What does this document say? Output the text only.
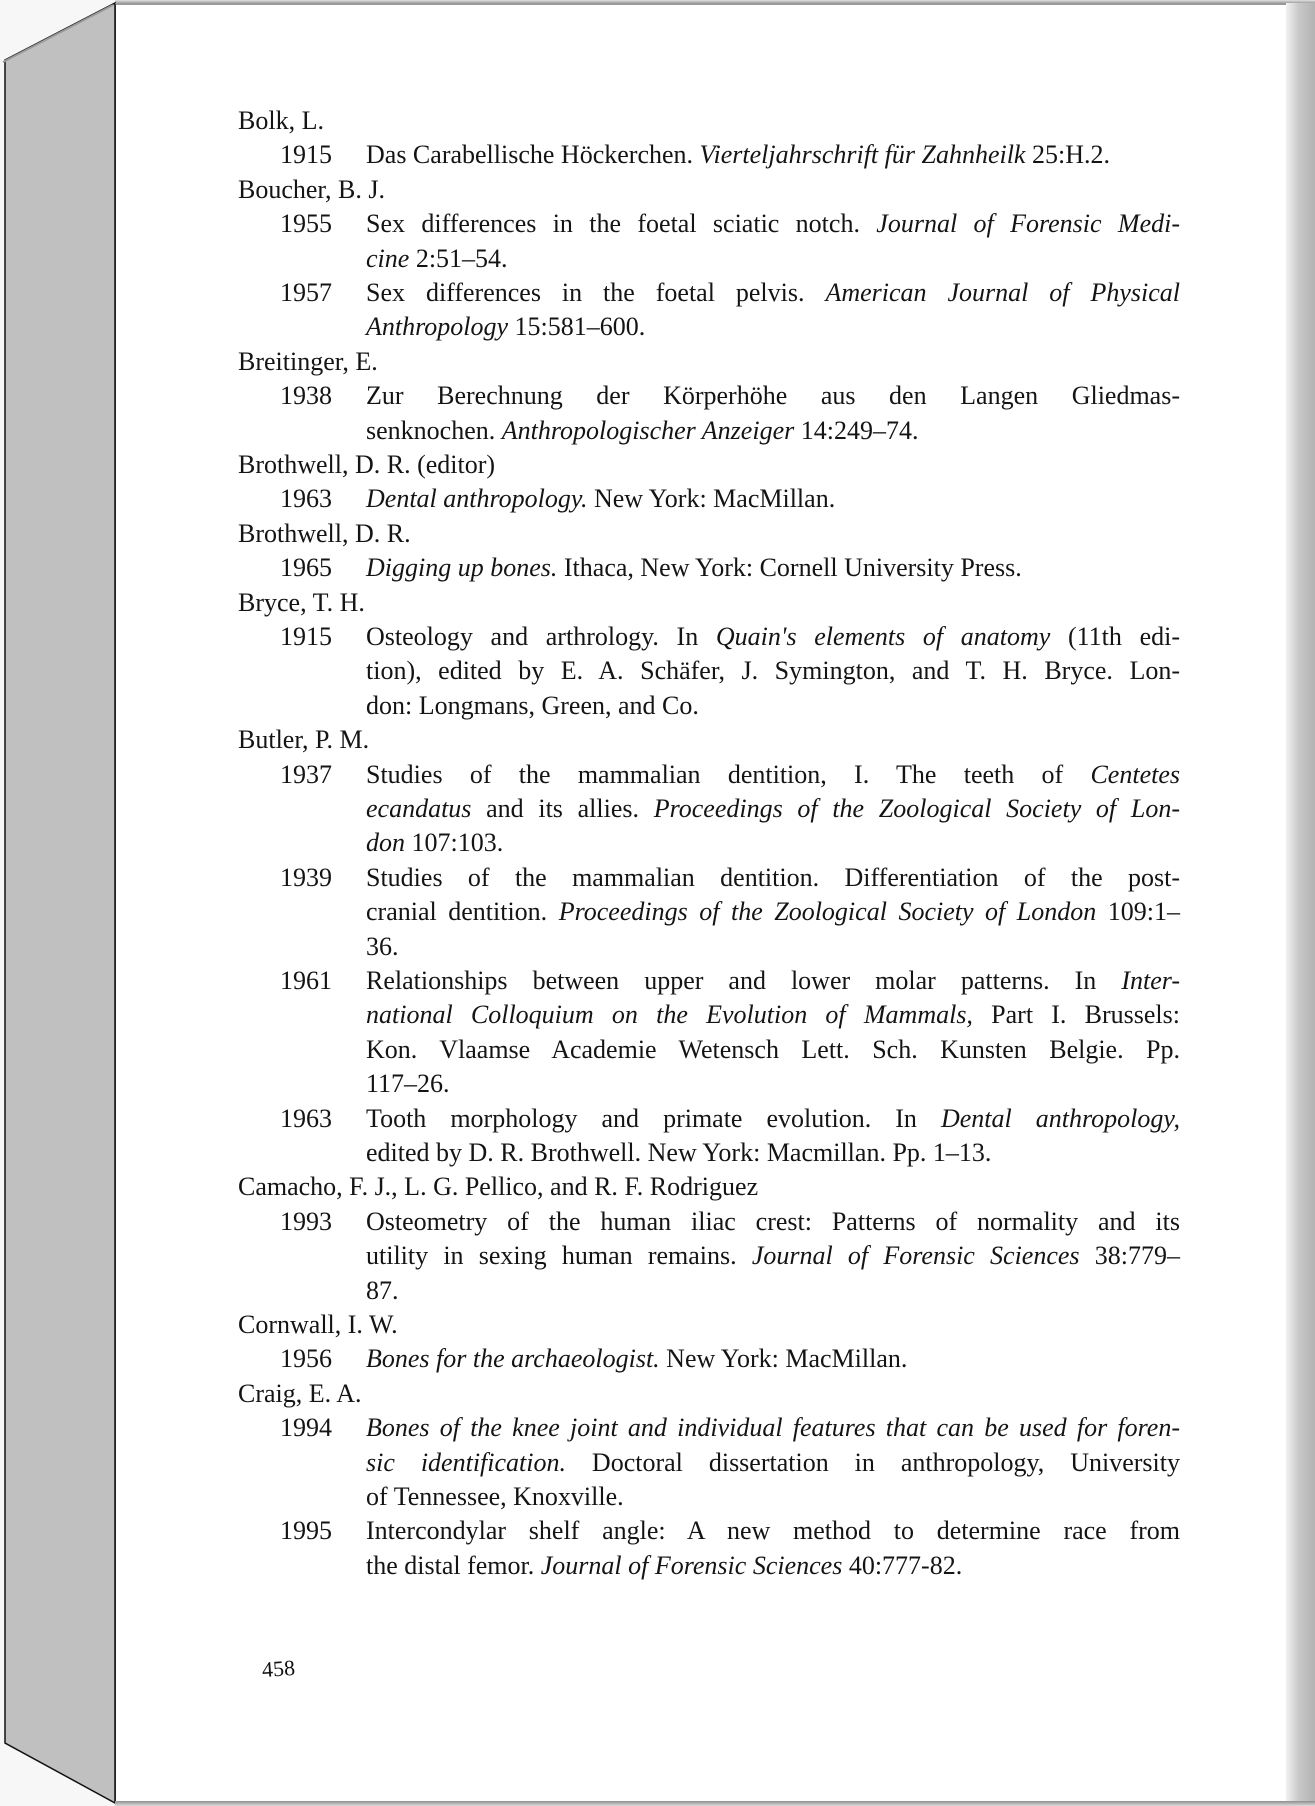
Bolk, L.
1915 Das Carabellische Höckerchen. Vierteljahrschrift für Zahnheilk 25:H.2.
Boucher, B. J.
1955 Sex differences in the foetal sciatic notch. Journal of Forensic Medi-
cine 2:51–54.
1957 Sex differences in the foetal pelvis. American Journal of Physical
Anthropology 15:581–600.
Breitinger, E.
1938 Zur Berechnung der Körperhöhe aus den Langen Gliedmas-
senknochen. Anthropologischer Anzeiger 14:249–74.
Brothwell, D. R. (editor)
1963 Dental anthropology. New York: MacMillan.
Brothwell, D. R.
1965 Digging up bones. Ithaca, New York: Cornell University Press.
Bryce, T. H.
1915 Osteology and arthrology. In Quain's elements of anatomy (11th edi-
tion), edited by E. A. Schäfer, J. Symington, and T. H. Bryce. Lon-
don: Longmans, Green, and Co.
Butler, P. M.
1937 Studies of the mammalian dentition, I. The teeth of Centetes
ecandatus and its allies. Proceedings of the Zoological Society of Lon-
don 107:103.
1939 Studies of the mammalian dentition. Differentiation of the post-
cranial dentition. Proceedings of the Zoological Society of London 109:1–
36.
1961 Relationships between upper and lower molar patterns. In Inter-
national Colloquium on the Evolution of Mammals, Part I. Brussels:
Kon. Vlaamse Academie Wetensch Lett. Sch. Kunsten Belgie. Pp.
117–26.
1963 Tooth morphology and primate evolution. In Dental anthropology,
edited by D. R. Brothwell. New York: Macmillan. Pp. 1–13.
Camacho, F. J., L. G. Pellico, and R. F. Rodriguez
1993 Osteometry of the human iliac crest: Patterns of normality and its
utility in sexing human remains. Journal of Forensic Sciences 38:779–
87.
Cornwall, I. W.
1956 Bones for the archaeologist. New York: MacMillan.
Craig, E. A.
1994 Bones of the knee joint and individual features that can be used for foren-
sic identification. Doctoral dissertation in anthropology, University
of Tennessee, Knoxville.
1995 Intercondylar shelf angle: A new method to determine race from
the distal femor. Journal of Forensic Sciences 40:777-82.
458
